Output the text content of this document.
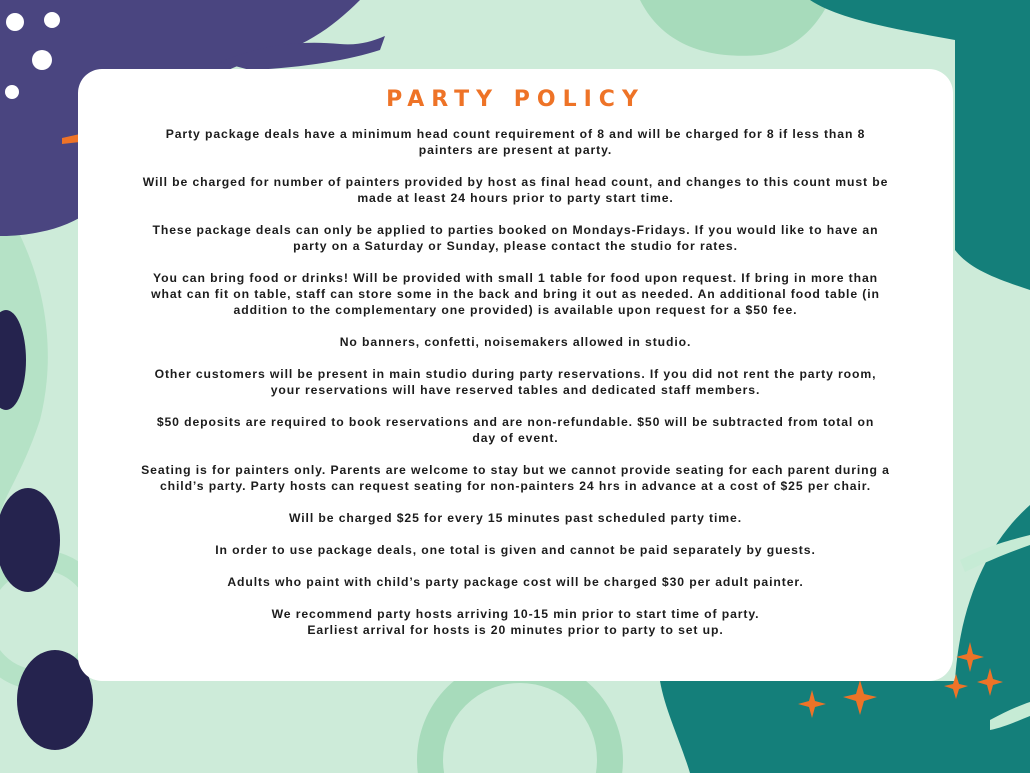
PARTY POLICY

Party package deals have a minimum head count requirement of 8 and will be charged for 8 if less than 8
painters are present at party.

Will be charged for number of painters provided by host as final head count, and changes to this count must be
made at least 24 hours prior to party start time.

These package deals can only be applied to parties booked on Mondays-Fridays. If you would like to have an
party on a Saturday or Sunday, please contact the studio for rates.

You can bring food or drinks! Will be provided with small 1 table for food upon request. If bring in more than
what can fit on table, staff can store some in the back and bring it out as needed. An additional food table (in
addition to the complementary one provided) is available upon request for a $50 fee.

No banners, confetti, noisemakers allowed in studio.

Other customers will be present in main studio during party reservations. If you did not rent the party room,
your reservations will have reserved tables and dedicated staff members.

$50 deposits are required to book reservations and are non-refundable. $50 will be subtracted from total on
day of event.

Seating is for painters only. Parents are welcome to stay but we cannot provide seating for each parent during a
child’s party. Party hosts can request seating for non-painters 24 hrs in advance at a cost of $25 per chair.

Will be charged $25 for every 15 minutes past scheduled party time.

In order to use package deals, one total is given and cannot be paid separately by guests.

Adults who paint with child’s party package cost will be charged $30 per adult painter.

We recommend party hosts arriving 10-15 min prior to start time of party.
Earliest arrival for hosts is 20 minutes prior to party to set up.
